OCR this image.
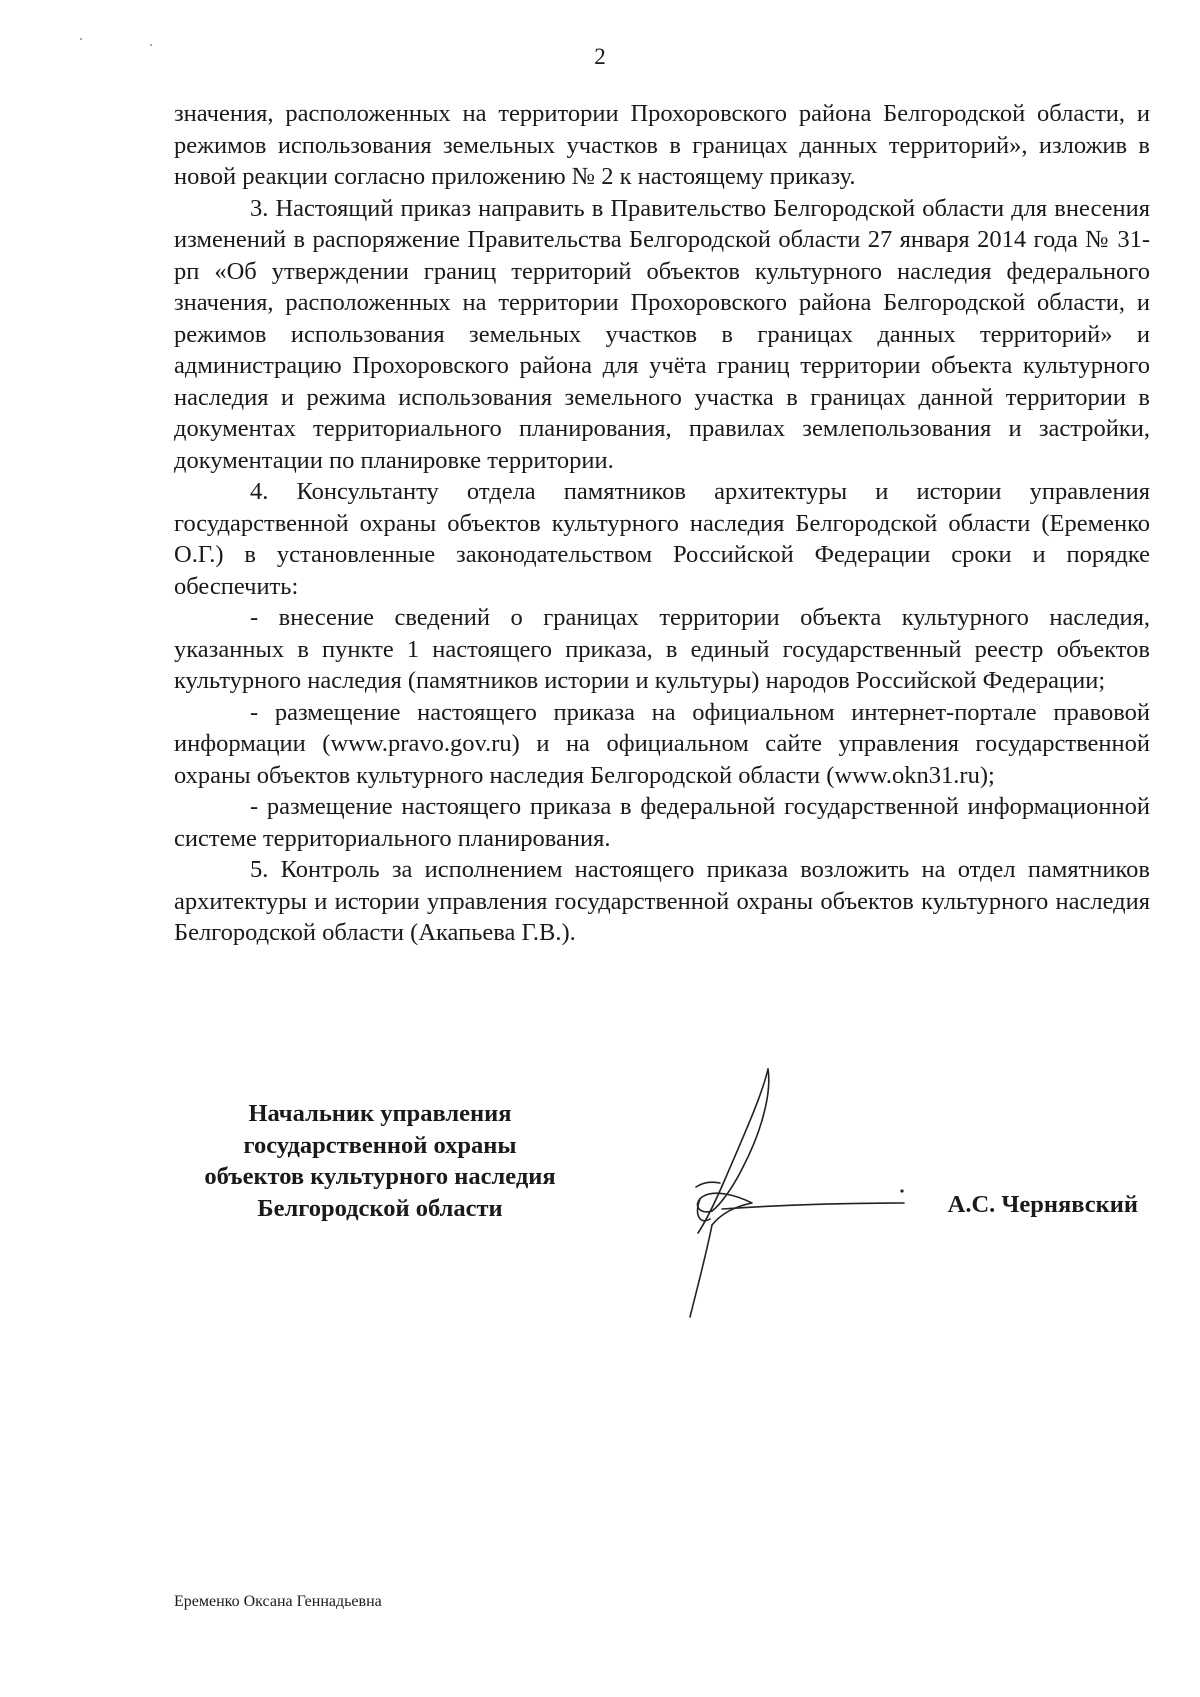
2

значения, расположенных на территории Прохоровского района Белгородской области, и режимов использования земельных участков в границах данных территорий», изложив в новой реакции согласно приложению № 2 к настоящему приказу.

3. Настоящий приказ направить в Правительство Белгородской области для внесения изменений в распоряжение Правительства Белгородской области 27 января 2014 года № 31-рп «Об утверждении границ территорий объектов культурного наследия федерального значения, расположенных на территории Прохоровского района Белгородской области, и режимов использования земельных участков в границах данных территорий» и администрацию Прохоровского района для учёта границ территории объекта культурного наследия и режима использования земельного участка в границах данной территории в документах территориального планирования, правилах землепользования и застройки, документации по планировке территории.

4. Консультанту отдела памятников архитектуры и истории управления государственной охраны объектов культурного наследия Белгородской области (Еременко О.Г.) в установленные законодательством Российской Федерации сроки и порядке обеспечить:

- внесение сведений о границах территории объекта культурного наследия, указанных в пункте 1 настоящего приказа, в единый государственный реестр объектов культурного наследия (памятников истории и культуры) народов Российской Федерации;

- размещение настоящего приказа на официальном интернет-портале правовой информации (www.pravo.gov.ru) и на официальном сайте управления государственной охраны объектов культурного наследия Белгородской области (www.okn31.ru);

- размещение настоящего приказа в федеральной государственной информационной системе территориального планирования.

5. Контроль за исполнением настоящего приказа возложить на отдел памятников архитектуры и истории управления государственной охраны объектов культурного наследия Белгородской области (Акапьева Г.В.).

Начальник управления
государственной охраны
объектов культурного наследия
Белгородской области	А.С. Чернявский
Еременко Оксана Геннадьевна
